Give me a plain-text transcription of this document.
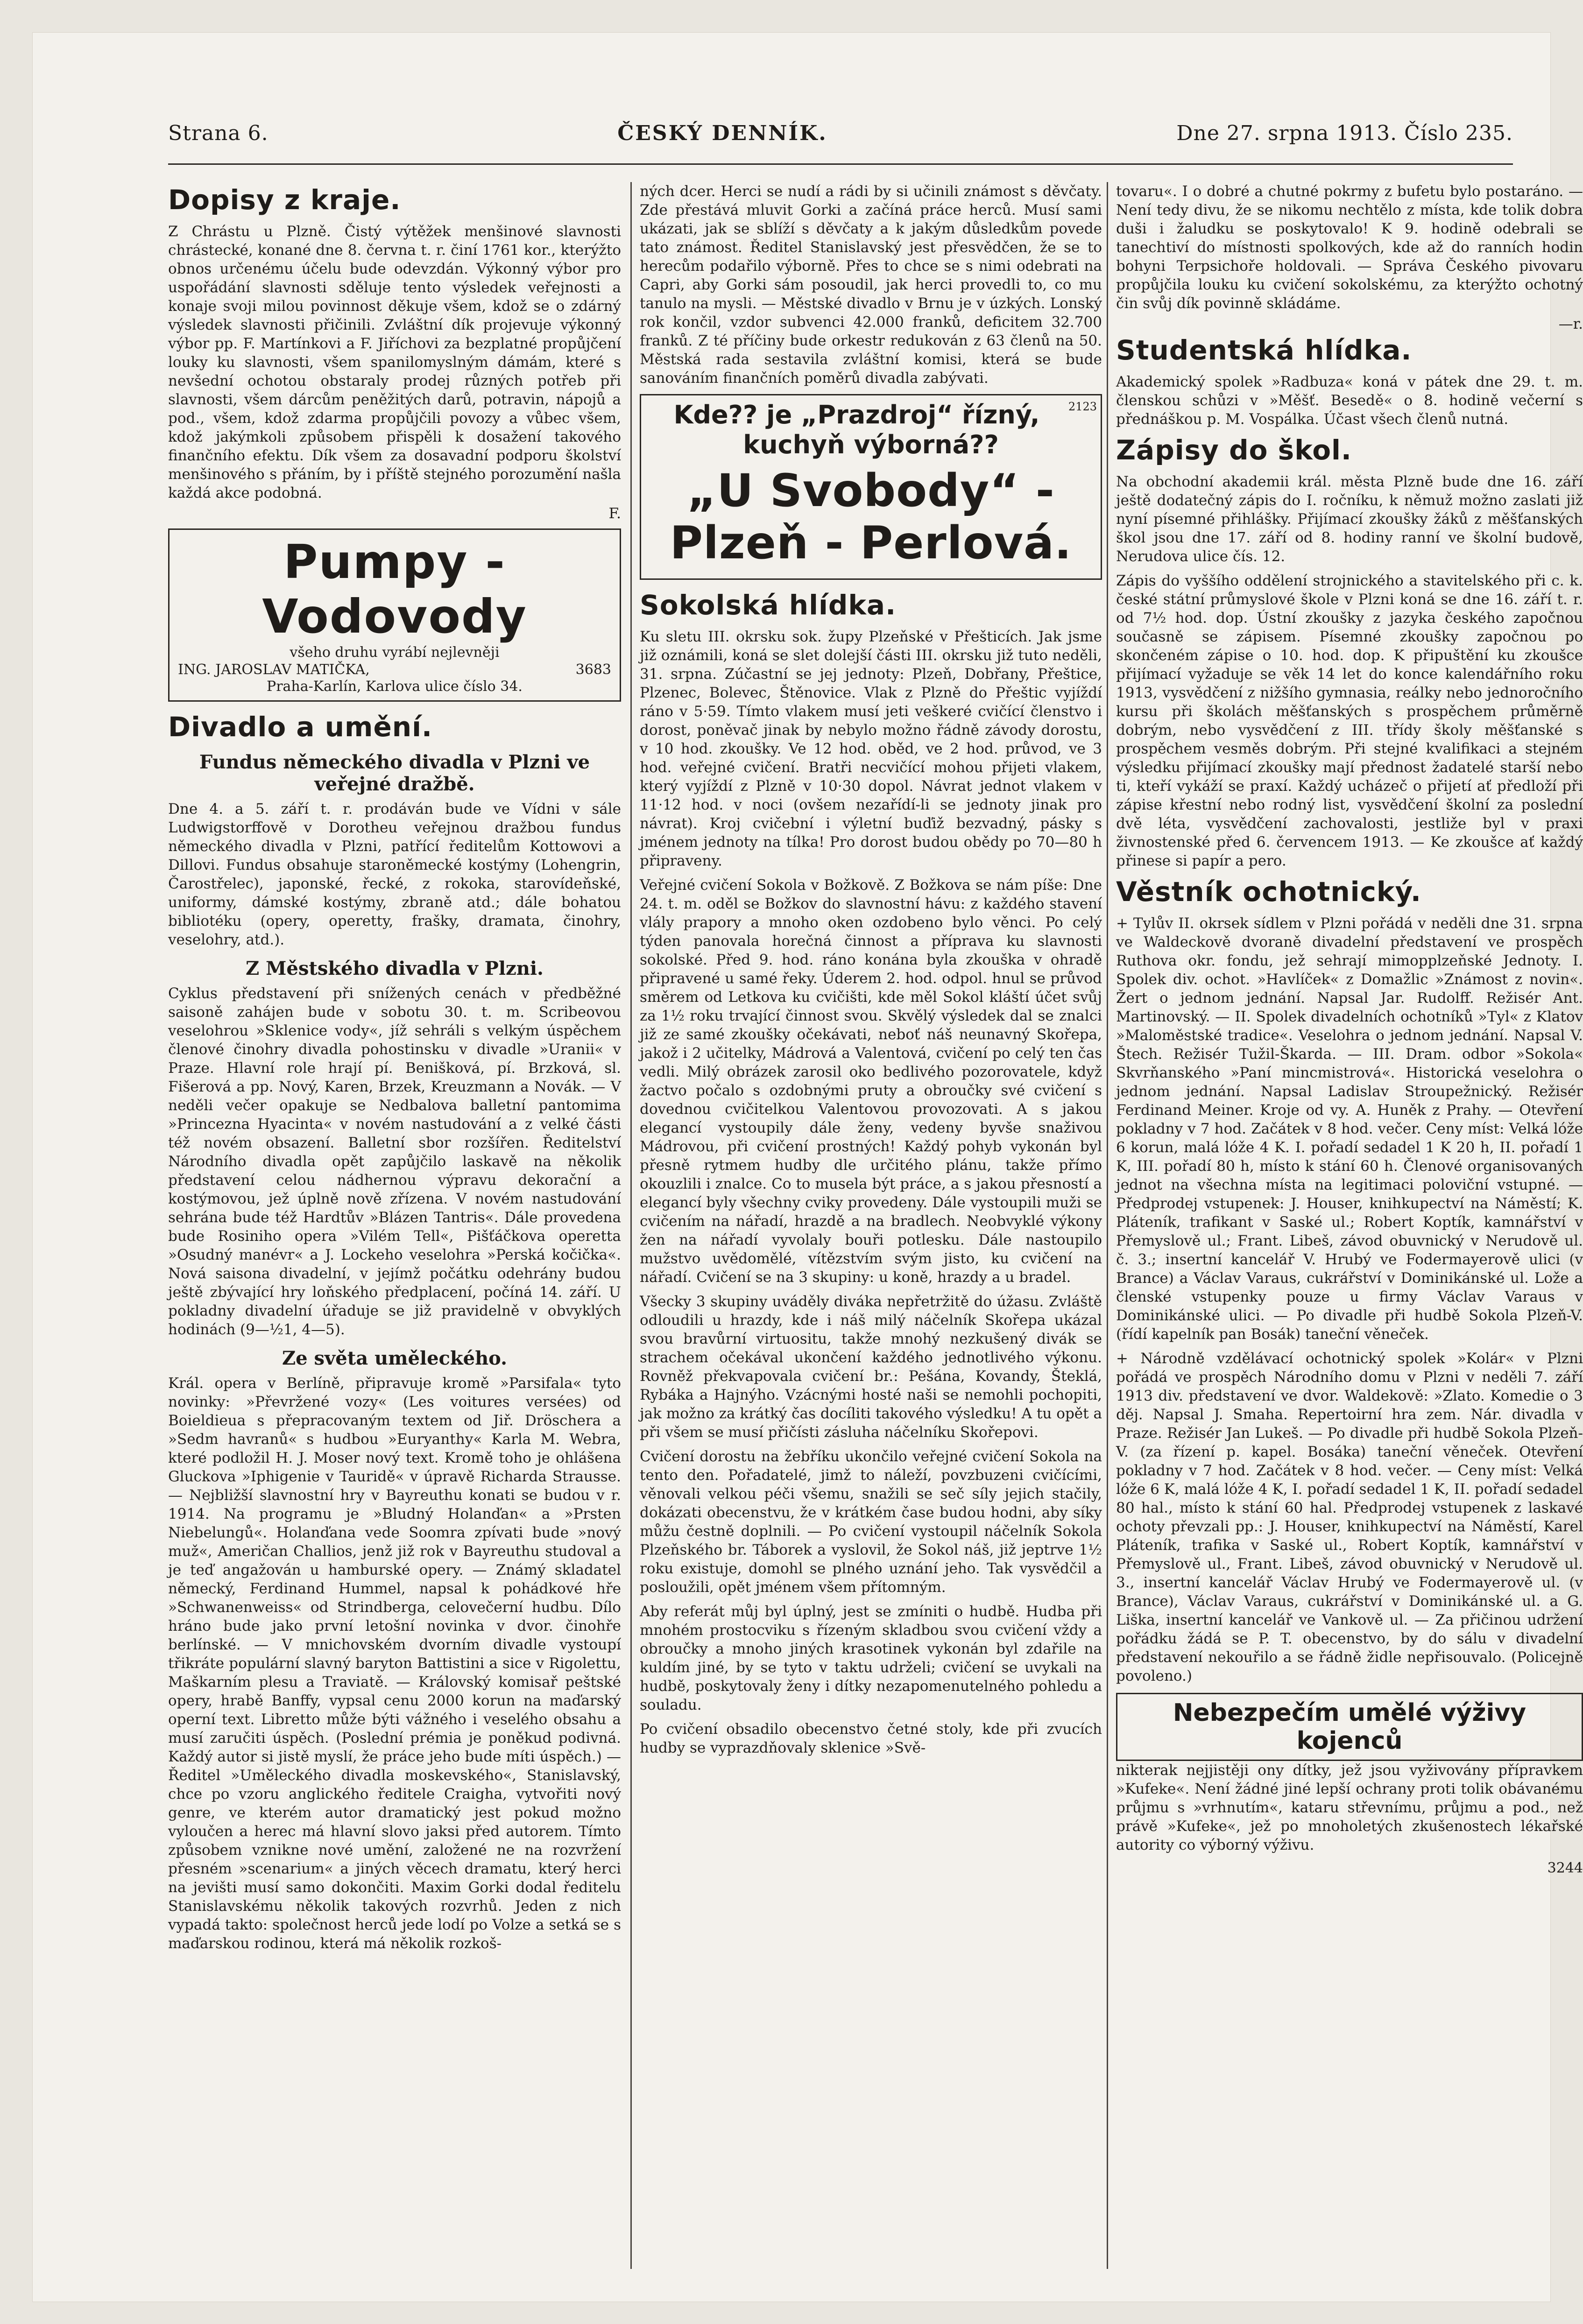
Strana 6.	ČESKÝ DENNÍK.	Dne 27. srpna 1913. Číslo 235.
Dopisy z kraje.

Z Chrástu u Plzně. Čistý výtěžek menšinové slavnosti chrástecké, konané dne 8. června t. r. činí 1761 kor., kterýžto obnos určenému účelu bude odevzdán. Výkonný výbor pro uspořádání slavnosti sděluje tento výsledek veřejnosti a konaje svoji milou povinnost děkuje všem, kdož se o zdárný výsledek slavnosti přičinili. Zvláštní dík projevuje výkonný výbor pp. F. Martínkovi a F. Jiříchovi za bezplatné propůjčení louky ku slavnosti, všem spanilomyslným dámám, které s nevšední ochotou obstaraly prodej různých potřeb při slavnosti, všem dárcům peněžitých darů, potravin, nápojů a pod., všem, kdož zdarma propůjčili povozy a vůbec všem, kdož jakýmkoli způsobem přispěli k dosažení takového finančního efektu. Dík všem za dosavadní podporu školství menšinového s přáním, by i příště stejného porozumění našla každá akce podobná.

F.
Pumpy - Vodovody
všeho druhu vyrábí nejlevněji
ING. JAROSLAV MATIČKA,	3683
Praha-Karlín, Karlova ulice číslo 34.
Divadlo a umění.
Fundus německého divadla v Plzni ve veřejné dražbě.

Dne 4. a 5. září t. r. prodáván bude ve Vídni v sále Ludwigstorffově v Dorotheu veřejnou dražbou fundus německého divadla v Plzni, patřící ředitelům Kottowovi a Dillovi. Fundus obsahuje staroněmecké kostýmy (Lohengrin, Čarostřelec), japonské, řecké, z rokoka, starovídeňské, uniformy, dámské kostýmy, zbraně atd.; dále bohatou bibliotéku (opery, operetty, frašky, dramata, činohry, veselohry, atd.).

Z Městského divadla v Plzni.

Cyklus představení při snížených cenách v předběžné saisoně zahájen bude v sobotu 30. t. m. Scribeovou veselohrou »Sklenice vody«, jíž sehráli s velkým úspěchem členové činohry divadla pohostinsku v divadle »Uranii« v Praze. Hlavní role hrají pí. Benišková, pí. Brzková, sl. Fišerová a pp. Nový, Karen, Brzek, Kreuzmann a Novák. — V neděli večer opakuje se Nedbalova balletní pantomima »Princezna Hyacinta« v novém nastudování a z velké části též novém obsazení. Balletní sbor rozšířen. Ředitelství Národního divadla opět zapůjčilo laskavě na několik představení celou nádhernou výpravu dekorační a kostýmovou, jež úplně nově zřízena. V novém nastudování sehrána bude též Hardtův »Blázen Tantris«. Dále provedena bude Rosiniho opera »Vilém Tell«, Pišťáčkova operetta »Osudný manévr« a J. Lockeho veselohra »Perská kočička«. Nová saisona divadelní, v jejímž počátku odehrány budou ještě zbývající hry loňského předplacení, počíná 14. září. U pokladny divadelní úřaduje se již pravidelně v obvyklých hodinách (9—½1, 4—5).

Ze světa uměleckého.

Král. opera v Berlíně, připravuje kromě »Parsifala« tyto novinky: »Převržené vozy« (Les voitures versées) od Boieldieua s přepracovaným textem od Jiř. Dröschera a »Sedm havranů« s hudbou »Euryanthy« Karla M. Webra, které podložil H. J. Moser nový text. Kromě toho je ohlášena Gluckova »Iphigenie v Tauridě« v úpravě Richarda Strausse. — Nejbližší slavnostní hry v Bayreuthu konati se budou v r. 1914. Na programu je »Bludný Holanďan« a »Prsten Niebelungů«. Holanďana vede Soomra zpívati bude »nový muž«, Američan Challios, jenž již rok v Bayreuthu studoval a je teď angažován u hamburské opery. — Známý skladatel německý, Ferdinand Hummel, napsal k pohádkové hře »Schwanenweiss« od Strindberga, celovečerní hudbu. Dílo hráno bude jako první letošní novinka v dvor. činohře berlínské. — V mnichovském dvorním divadle vystoupí třikráte populární slavný baryton Battistini a sice v Rigolettu, Maškarním plesu a Traviatě. — Královský komisař peštské opery, hrabě Banffy, vypsal cenu 2000 korun na maďarský operní text. Libretto může býti vážného i veselého obsahu a musí zaručiti úspěch. (Poslední prémia je poněkud podivná. Každý autor si jistě myslí, že práce jeho bude míti úspěch.) — Ředitel »Uměleckého divadla moskevského«, Stanislavský, chce po vzoru anglického ředitele Craigha, vytvořiti nový genre, ve kterém autor dramatický jest pokud možno vyloučen a herec má hlavní slovo jaksi před autorem. Tímto způsobem vznikne nové umění, založené ne na rozvržení přesném »scenarium« a jiných věcech dramatu, který herci na jevišti musí samo dokončiti. Maxim Gorki dodal ředitelu Stanislavskému několik takových rozvrhů. Jeden z nich vypadá takto: společnost herců jede lodí po Volze a setká se s maďarskou rodinou, která má několik rozkoš-

ných dcer. Herci se nudí a rádi by si učinili známost s děvčaty. Zde přestává mluvit Gorki a začíná práce herců. Musí sami ukázati, jak se sblíží s děvčaty a k jakým důsledkům povede tato známost. Ředitel Stanislavský jest přesvědčen, že se to herecům podařilo výborně. Přes to chce se s nimi odebrati na Capri, aby Gorki sám posoudil, jak herci provedli to, co mu tanulo na mysli. — Městské divadlo v Brnu je v úzkých. Lonský rok končil, vzdor subvenci 42.000 franků, deficitem 32.700 franků. Z té příčiny bude orkestr redukován z 63 členů na 50. Městská rada sestavila zvláštní komisi, která se bude sanováním finančních poměrů divadla zabývati.

2123
Kde?? je „Prazdroj“ řízný, kuchyň výborná??
„U Svobody“ - Plzeň - Perlová.
Sokolská hlídka.

Ku sletu III. okrsku sok. župy Plzeňské v Přešticích. Jak jsme již oznámili, koná se slet dolejší části III. okrsku již tuto neděli, 31. srpna. Zúčastní se jej jednoty: Plzeň, Dobřany, Přeštice, Plzenec, Bolevec, Štěnovice. Vlak z Plzně do Přeštic vyjíždí ráno v 5·59. Tímto vlakem musí jeti veškeré cvičící členstvo i dorost, poněvač jinak by nebylo možno řádně závody dorostu, v 10 hod. zkoušky. Ve 12 hod. oběd, ve 2 hod. průvod, ve 3 hod. veřejné cvičení. Bratři necvičící mohou přijeti vlakem, který vyjíždí z Plzně v 10·30 dopol. Návrat jednot vlakem v 11·12 hod. v noci (ovšem nezařídí-li se jednoty jinak pro návrat). Kroj cvičební i výletní buďiž bezvadný, pásky s jménem jednoty na tílka! Pro dorost budou obědy po 70—80 h připraveny.

Veřejné cvičení Sokola v Božkově. Z Božkova se nám píše: Dne 24. t. m. oděl se Božkov do slavnostní hávu: z každého stavení vlály prapory a mnoho oken ozdobeno bylo věnci. Po celý týden panovala horečná činnost a příprava ku slavnosti sokolské. Před 9. hod. ráno konána byla zkouška v ohradě připravené u samé řeky. Úderem 2. hod. odpol. hnul se průvod směrem od Letkova ku cvičišti, kde měl Sokol kláští účet svůj za 1½ roku trvající činnost svou. Skvělý výsledek dal se znalci již ze samé zkoušky očekávati, neboť náš neunavný Skořepa, jakož i 2 učitelky, Mádrová a Valentová, cvičení po celý ten čas vedli. Milý obrázek zarosil oko bedlivého pozorovatele, když žactvo počalo s ozdobnými pruty a obroučky své cvičení s dovednou cvičitelkou Valentovou provozovati. A s jakou elegancí vystoupily dále ženy, vedeny byvše snaživou Mádrovou, při cvičení prostných! Každý pohyb vykonán byl přesně rytmem hudby dle určitého plánu, takže přímo okouzlili i znalce. Co to musela být práce, a s jakou přesností a elegancí byly všechny cviky provedeny. Dále vystoupili muži se cvičením na nářadí, hrazdě a na bradlech. Neobvyklé výkony žen na nářadí vyvolaly bouři potlesku. Dále nastoupilo mužstvo uvědomělé, vítězstvím svým jisto, ku cvičení na nářadí. Cvičení se na 3 skupiny: u koně, hrazdy a u bradel.

Všecky 3 skupiny uváděly diváka nepřetržitě do úžasu. Zvláště odloudili u hrazdy, kde i náš milý náčelník Skořepa ukázal svou bravůrní virtuositu, takže mnohý nezkušený divák se strachem očekával ukončení každého jednotlivého výkonu. Rovněž překvapovala cvičení br.: Pešána, Kovandy, Šteklá, Rybáka a Hajnýho. Vzácnými hosté naši se nemohli pochopiti, jak možno za krátký čas docíliti takového výsledku! A tu opět a při všem se musí přičísti zásluha náčelníku Skořepovi.

Cvičení dorostu na žebříku ukončilo veřejné cvičení Sokola na tento den. Pořadatelé, jimž to náleží, povzbuzeni cvičícími, věnovali velkou péči všemu, snažili se seč síly jejich stačily, dokázati obecenstvu, že v krátkém čase budou hodni, aby síky můžu čestně doplnili. — Po cvičení vystoupil náčelník Sokola Plzeňského br. Táborek a vyslovil, že Sokol náš, již jeptrve 1½ roku existuje, domohl se plného uznání jeho. Tak vysvědčil a posloužili, opět jménem všem přítomným.

Aby referát můj byl úplný, jest se zmíniti o hudbě. Hudba při mnohém prostocviku s řízeným skladbou svou cvičení vždy a obroučky a mnoho jiných krasotinek vykonán byl zdařile na kuldím jiné, by se tyto v taktu udrželi; cvičení se uvykali na hudbě, poskytovaly ženy i dítky nezapomenutelného pohledu a souladu.

Po cvičení obsadilo obecenstvo četné stoly, kde při zvucích hudby se vyprazdňovaly sklenice »Svě-

tovaru«. I o dobré a chutné pokrmy z bufetu bylo postaráno. — Není tedy divu, že se nikomu nechtělo z místa, kde tolik dobra duši i žaludku se poskytovalo! K 9. hodině odebrali se tanechtiví do místnosti spolkových, kde až do ranních hodin bohyni Terpsichoře holdovali. — Správa Českého pivovaru propůjčila louku ku cvičení sokolskému, za kterýžto ochotný čin svůj dík povinně skládáme.

—r.
Studentská hlídka.

Akademický spolek »Radbuza« koná v pátek dne 29. t. m. členskou schůzi v »Měšť. Besedě« o 8. hodině večerní s přednáškou p. M. Vospálka. Účast všech členů nutná.

Zápisy do škol.

Na obchodní akademii král. města Plzně bude dne 16. září ještě dodatečný zápis do I. ročníku, k němuž možno zaslati již nyní písemné přihlášky. Přijímací zkoušky žáků z měšťanských škol jsou dne 17. září od 8. hodiny ranní ve školní budově, Nerudova ulice čís. 12.

Zápis do vyššího oddělení strojnického a stavitelského při c. k. české státní průmyslové škole v Plzni koná se dne 16. září t. r. od 7½ hod. dop. Ústní zkoušky z jazyka českého započnou současně se zápisem. Písemné zkoušky započnou po skončeném zápise o 10. hod. dop. K připuštění ku zkoušce přijímací vyžaduje se věk 14 let do konce kalendářního roku 1913, vysvědčení z nižšího gymnasia, reálky nebo jednoročního kursu při školách měšťanských s prospěchem průměrně dobrým, nebo vysvědčení z III. třídy školy měšťanské s prospěchem vesměs dobrým. Při stejné kvalifikaci a stejném výsledku přijímací zkoušky mají přednost žadatelé starší nebo ti, kteří vykáží se praxí. Každý ucházeč o přijetí ať předloží při zápise křestní nebo rodný list, vysvědčení školní za poslední dvě léta, vysvědčení zachovalosti, jestliže byl v praxi živnostenské před 6. červencem 1913. — Ke zkoušce ať každý přinese si papír a pero.

Věstník ochotnický.

+ Tylův II. okrsek sídlem v Plzni pořádá v neděli dne 31. srpna ve Waldeckově dvoraně divadelní představení ve prospěch Ruthova okr. fondu, jež sehrají mimopplzeňské Jednoty. I. Spolek div. ochot. »Havlíček« z Domažlic »Známost z novin«. Žert o jednom jednání. Napsal Jar. Rudolff. Režisér Ant. Martinovský. — II. Spolek divadelních ochotníků »Tyl« z Klatov »Maloměstské tradice«. Veselohra o jednom jednání. Napsal V. Štech. Režisér Tužil-Škarda. — III. Dram. odbor »Sokola« Skvrňanského »Paní mincmistrová«. Historická veselohra o jednom jednání. Napsal Ladislav Stroupežnický. Režisér Ferdinand Meiner. Kroje od vy. A. Huněk z Prahy. — Otevření pokladny v 7 hod. Začátek v 8 hod. večer. Ceny míst: Velká lóže 6 korun, malá lóže 4 K. I. pořadí sedadel 1 K 20 h, II. pořadí 1 K, III. pořadí 80 h, místo k stání 60 h. Členové organisovaných jednot na všechna místa na legitimaci poloviční vstupné. — Předprodej vstupenek: J. Houser, knihkupectví na Náměstí; K. Pláteník, trafikant v Saské ul.; Robert Koptík, kamnářství v Přemyslově ul.; Frant. Libeš, závod obuvnický v Nerudově ul. č. 3.; insertní kancelář V. Hrubý ve Fodermayerově ulici (v Brance) a Václav Varaus, cukrářství v Dominikánské ul. Lože a členské vstupenky pouze u firmy Václav Varaus v Dominikánské ulici. — Po divadle při hudbě Sokola Plzeň-V. (řídí kapelník pan Bosák) taneční věneček.

+ Národně vzdělávací ochotnický spolek »Kolár« v Plzni pořádá ve prospěch Národního domu v Plzni v neděli 7. září 1913 div. představení ve dvor. Waldekově: »Zlato. Komedie o 3 děj. Napsal J. Smaha. Repertoirní hra zem. Nár. divadla v Praze. Režisér Jan Lukeš. — Po divadle při hudbě Sokola Plzeň-V. (za řízení p. kapel. Bosáka) taneční věneček. Otevření pokladny v 7 hod. Začátek v 8 hod. večer. — Ceny míst: Velká lóže 6 K, malá lóže 4 K, I. pořadí sedadel 1 K, II. pořadí sedadel 80 hal., místo k stání 60 hal. Předprodej vstupenek z laskavé ochoty převzali pp.: J. Houser, knihkupectví na Náměstí, Karel Pláteník, trafika v Saské ul., Robert Koptík, kamnářství v Přemyslově ul., Frant. Libeš, závod obuvnický v Nerudově ul. 3., insertní kancelář Václav Hrubý ve Fodermayerově ul. (v Brance), Václav Varaus, cukrářství v Dominikánské ul. a G. Liška, insertní kancelář ve Vankově ul. — Za přičinou udržení pořádku žádá se P. T. obecenstvo, by do sálu v divadelní představení nekouřilo a se řádně židle nepřisouvalo. (Policejně povoleno.)

Nebezpečím umělé výživy kojenců

nikterak nejjistěji ony dítky, jež jsou vyživovány přípravkem »Kufeke«. Není žádné jiné lepší ochrany proti tolik obávanému průjmu s »vrhnutím«, kataru střevnímu, průjmu a pod., než právě »Kufeke«, jež po mnoholetých zkušenostech lékařské autority co výborný výživu.

3244
